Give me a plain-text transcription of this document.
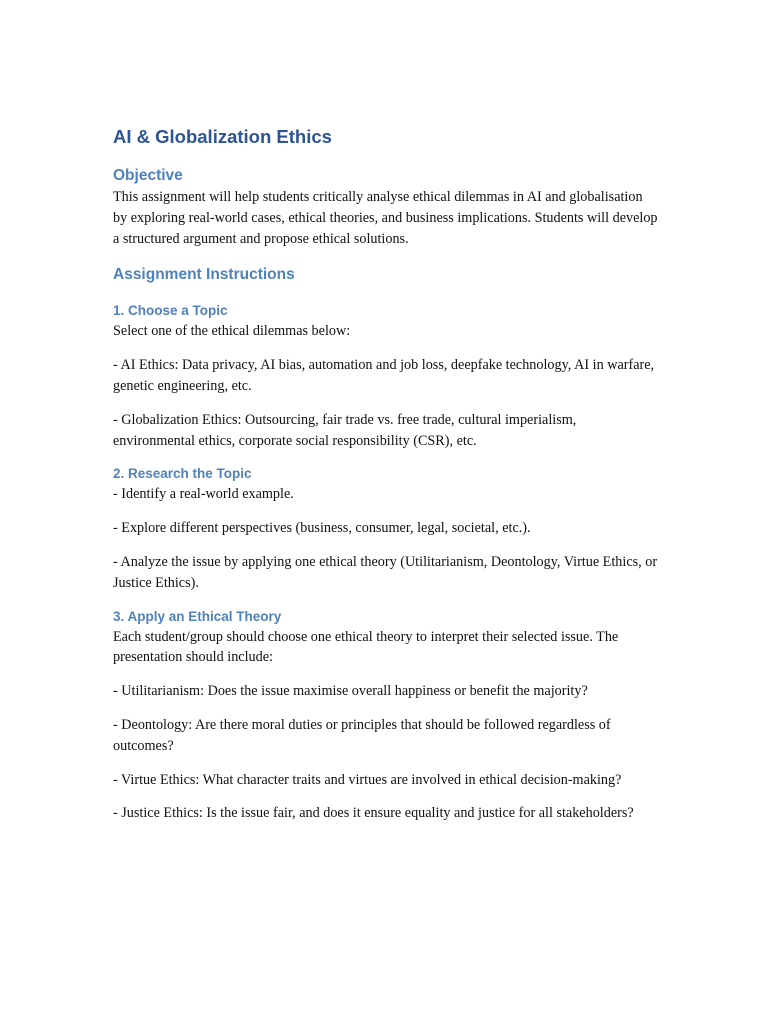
AI & Globalization Ethics
Objective

This assignment will help students critically analyse ethical dilemmas in AI and globalisation by exploring real-world cases, ethical theories, and business implications. Students will develop a structured argument and propose ethical solutions.

Assignment Instructions
1. Choose a Topic

Select one of the ethical dilemmas below:

- AI Ethics: Data privacy, AI bias, automation and job loss, deepfake technology, AI in warfare, genetic engineering, etc.

- Globalization Ethics: Outsourcing, fair trade vs. free trade, cultural imperialism, environmental ethics, corporate social responsibility (CSR), etc.

2. Research the Topic

- Identify a real-world example.

- Explore different perspectives (business, consumer, legal, societal, etc.).

- Analyze the issue by applying one ethical theory (Utilitarianism, Deontology, Virtue Ethics, or Justice Ethics).

3. Apply an Ethical Theory

Each student/group should choose one ethical theory to interpret their selected issue. The presentation should include:

- Utilitarianism: Does the issue maximise overall happiness or benefit the majority?

- Deontology: Are there moral duties or principles that should be followed regardless of outcomes?

- Virtue Ethics: What character traits and virtues are involved in ethical decision-making?

- Justice Ethics: Is the issue fair, and does it ensure equality and justice for all stakeholders?
